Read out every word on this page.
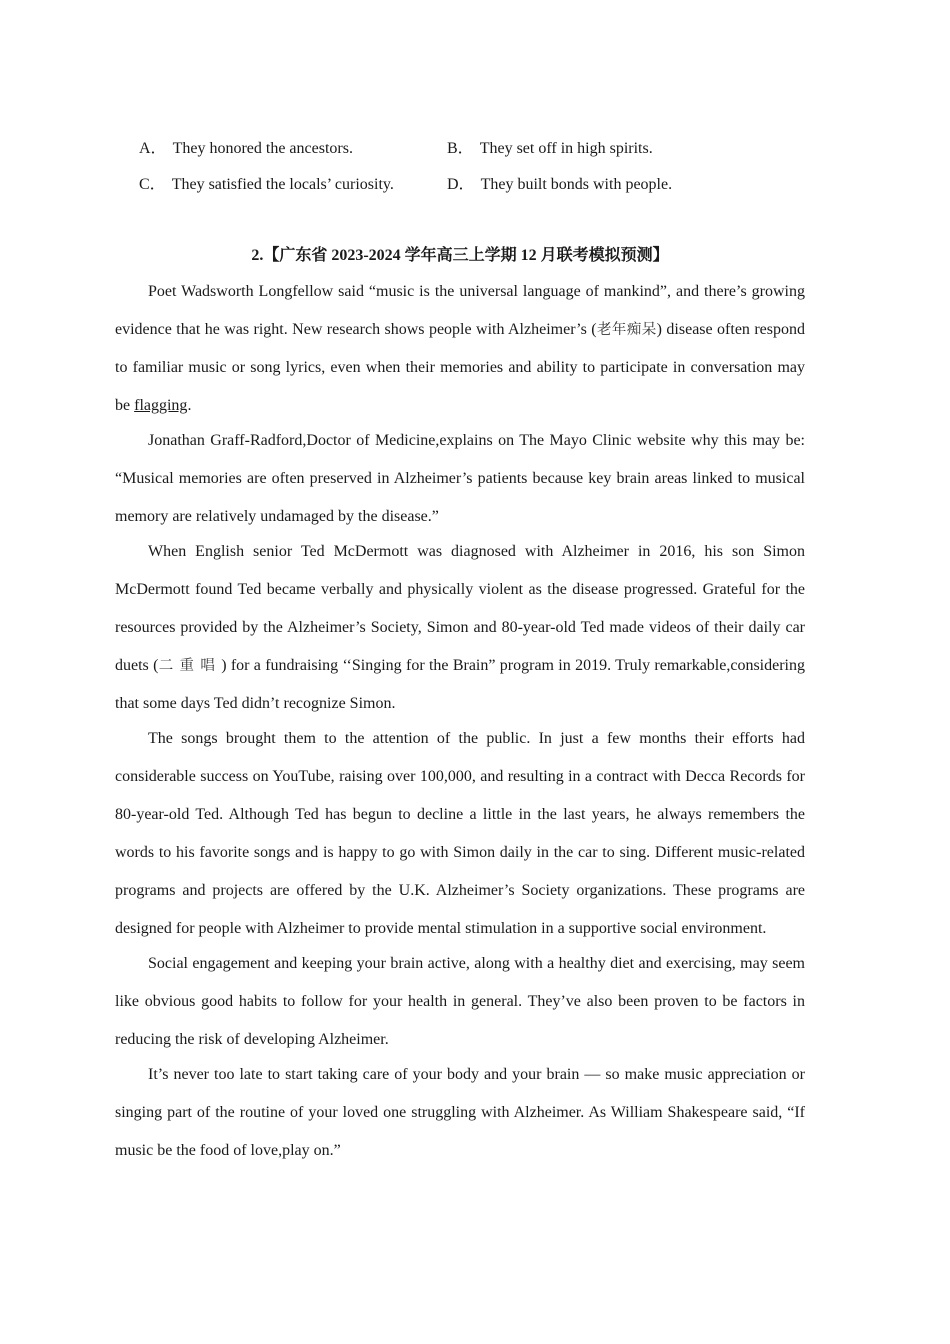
A． They honored the ancestors.	B． They set off in high spirits.
C． They satisfied the locals’ curiosity.	D． They built bonds with people.
2.【广东省 2023-2024 学年高三上学期 12 月联考模拟预测】

Poet Wadsworth Longfellow said “music is the universal language of mankind”, and there’s growing evidence that he was right. New research shows people with Alzheimer’s (老年痴呆) disease often respond to familiar music or song lyrics, even when their memories and ability to participate in conversation may be flagging.

Jonathan Graff-Radford,Doctor of Medicine,explains on The Mayo Clinic website why this may be: “Musical memories are often preserved in Alzheimer’s patients because key brain areas linked to musical memory are relatively undamaged by the disease.”

When English senior Ted McDermott was diagnosed with Alzheimer in 2016, his son Simon McDermott found Ted became verbally and physically violent as the disease progressed. Grateful for the resources provided by the Alzheimer’s Society, Simon and 80-year-old Ted made videos of their daily car duets (二重唱) for a fundraising ‘‘Singing for the Brain” program in 2019. Truly remarkable,considering that some days Ted didn’t recognize Simon.

The songs brought them to the attention of the public. In just a few months their efforts had considerable success on YouTube, raising over 100,000, and resulting in a contract with Decca Records for 80-year-old Ted. Although Ted has begun to decline a little in the last years, he always remembers the words to his favorite songs and is happy to go with Simon daily in the car to sing. Different music-related programs and projects are offered by the U.K. Alzheimer’s Society organizations. These programs are designed for people with Alzheimer to provide mental stimulation in a supportive social environment.

Social engagement and keeping your brain active, along with a healthy diet and exercising, may seem like obvious good habits to follow for your health in general. They’ve also been proven to be factors in reducing the risk of developing Alzheimer.

It’s never too late to start taking care of your body and your brain — so make music appreciation or singing part of the routine of your loved one struggling with Alzheimer. As William Shakespeare said, “If music be the food of love,play on.”
